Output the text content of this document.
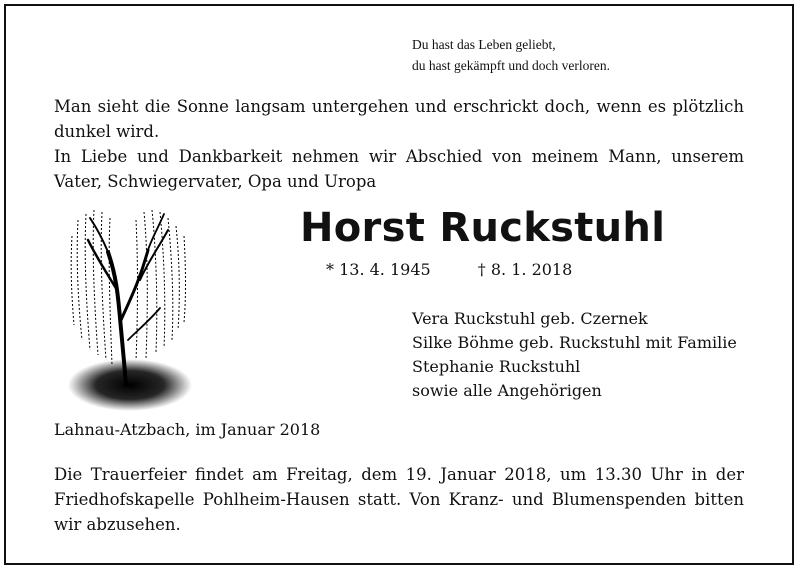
Du hast das Leben geliebt,
du hast gekämpft und doch verloren.

Man sieht die Sonne langsam untergehen und erschrickt doch, wenn es plötzlich dunkel wird.

In Liebe und Dankbarkeit nehmen wir Abschied von meinem Mann, unserem Vater, Schwiegervater, Opa und Uropa

Horst Ruckstuhl
* 13. 4. 1945	† 8. 1. 2018
Vera Ruckstuhl geb. Czernek
Silke Böhme geb. Ruckstuhl mit Familie
Stephanie Ruckstuhl
sowie alle Angehörigen
Lahnau-Atzbach, im Januar 2018
Die Trauerfeier findet am Freitag, dem 19. Januar 2018, um 13.30 Uhr in der Friedhofskapelle Pohlheim-Hausen statt. Von Kranz- und Blumenspenden bitten wir abzusehen.
